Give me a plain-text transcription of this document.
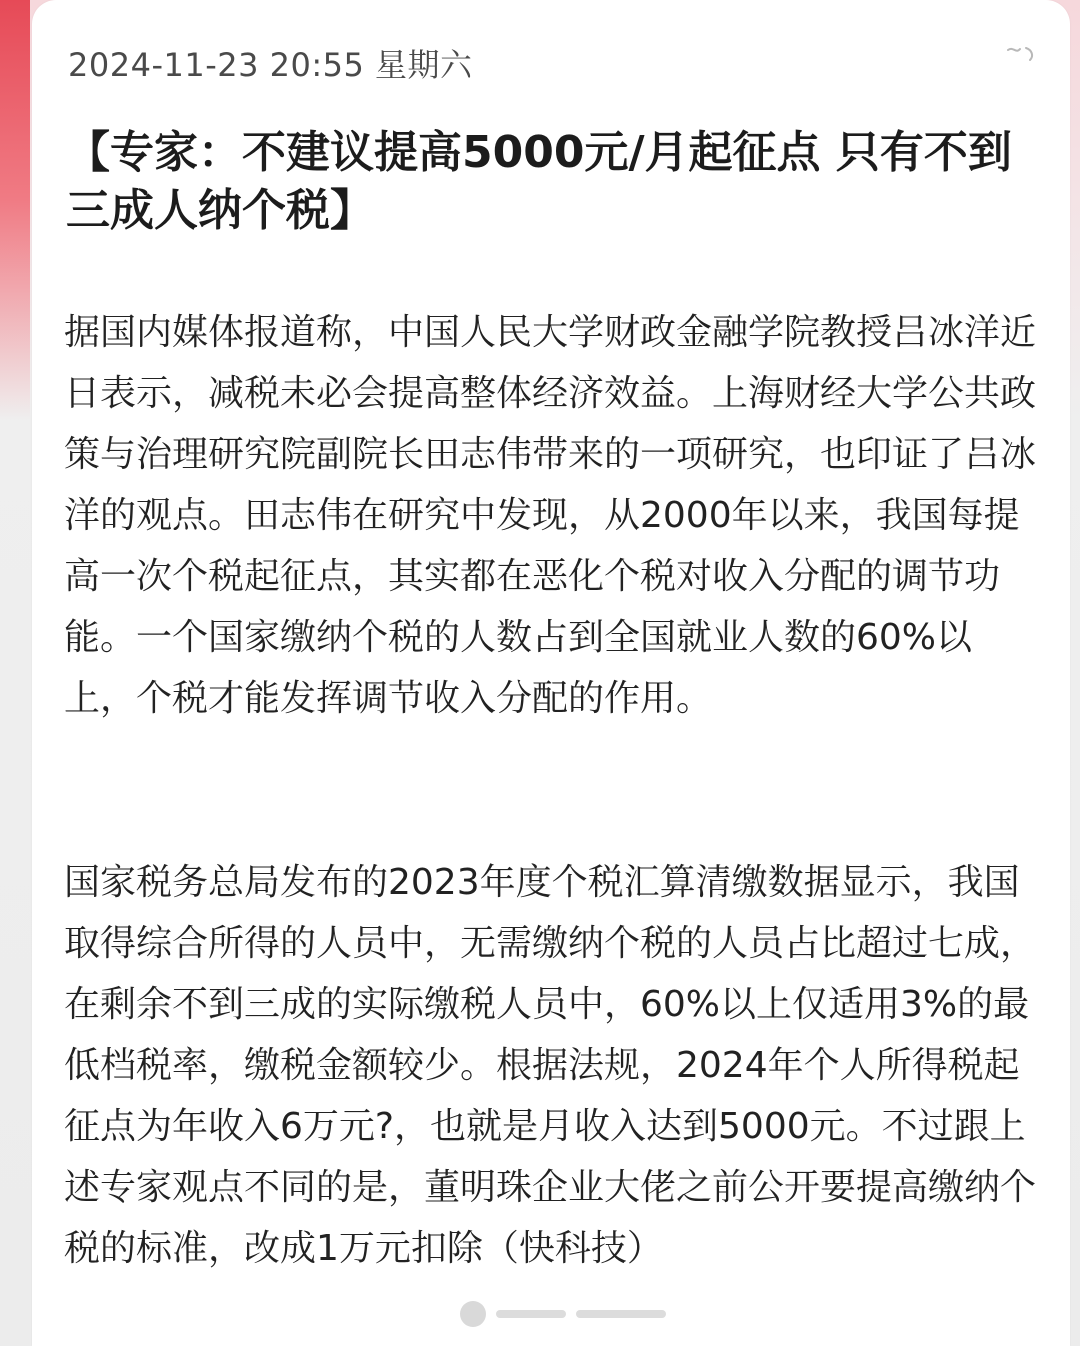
2024-11-23 20:55 星期六

【专家：不建议提高5000元/月起征点 只有不到三成人纳个税】

据国内媒体报道称，中国人民大学财政金融学院教授吕冰洋近日表示，减税未必会提高整体经济效益。上海财经大学公共政策与治理研究院副院长田志伟带来的一项研究，也印证了吕冰洋的观点。田志伟在研究中发现，从2000年以来，我国每提高一次个税起征点，其实都在恶化个税对收入分配的调节功能。一个国家缴纳个税的人数占到全国就业人数的60%以上，个税才能发挥调节收入分配的作用。

国家税务总局发布的2023年度个税汇算清缴数据显示，我国取得综合所得的人员中，无需缴纳个税的人员占比超过七成，在剩余不到三成的实际缴税人员中，60%以上仅适用3%的最低档税率，缴税金额较少。根据法规，2024年个人所得税起征点为年收入6万元?，也就是月收入达到5000元。不过跟上述专家观点不同的是，董明珠企业大佬之前公开要提高缴纳个税的标准，改成1万元扣除（快科技）
